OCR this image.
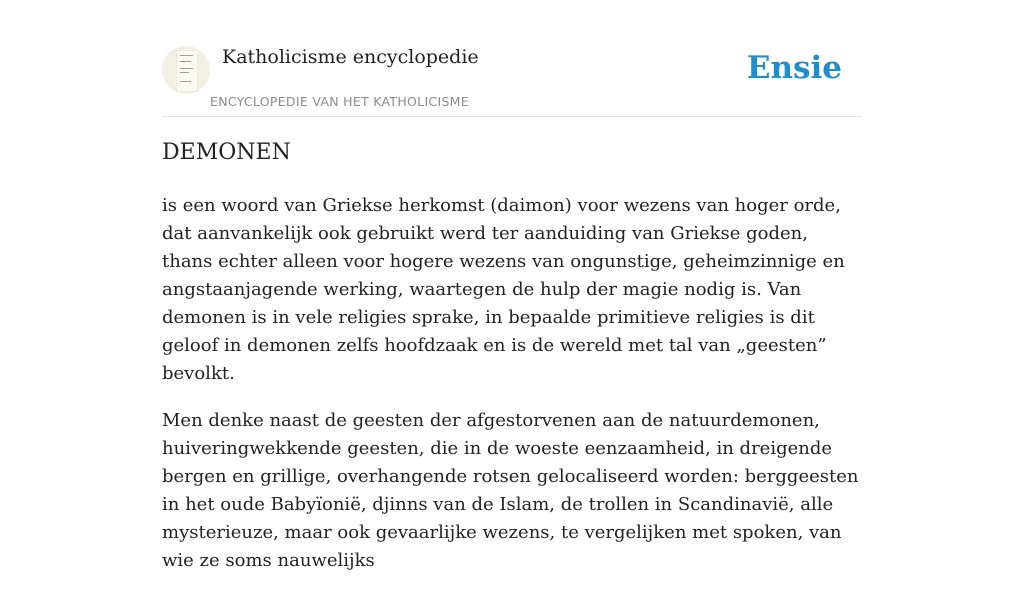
Katholicisme encyclopedie
ENCYCLOPEDIE VAN HET KATHOLICISME
Ensie
DEMONEN

is een woord van Griekse herkomst (daimon) voor wezens van hoger orde, dat aanvankelijk ook gebruikt werd ter aanduiding van Griekse goden, thans echter alleen voor hogere wezens van ongunstige, geheimzinnige en angstaanjagende werking, waartegen de hulp der magie nodig is. Van demonen is in vele religies sprake, in bepaalde primitieve religies is dit geloof in demonen zelfs hoofdzaak en is de wereld met tal van „geesten” bevolkt.

Men denke naast de geesten der afgestorvenen aan de natuurdemonen, huiveringwekkende geesten, die in de woeste eenzaamheid, in dreigende bergen en grillige, overhangende rotsen gelocaliseerd worden: berggeesten in het oude Babyïonië, djinns van de Islam, de trollen in Scandinavië, alle mysterieuze, maar ook gevaarlijke wezens, te vergelijken met spoken, van wie ze soms nauwelijks
